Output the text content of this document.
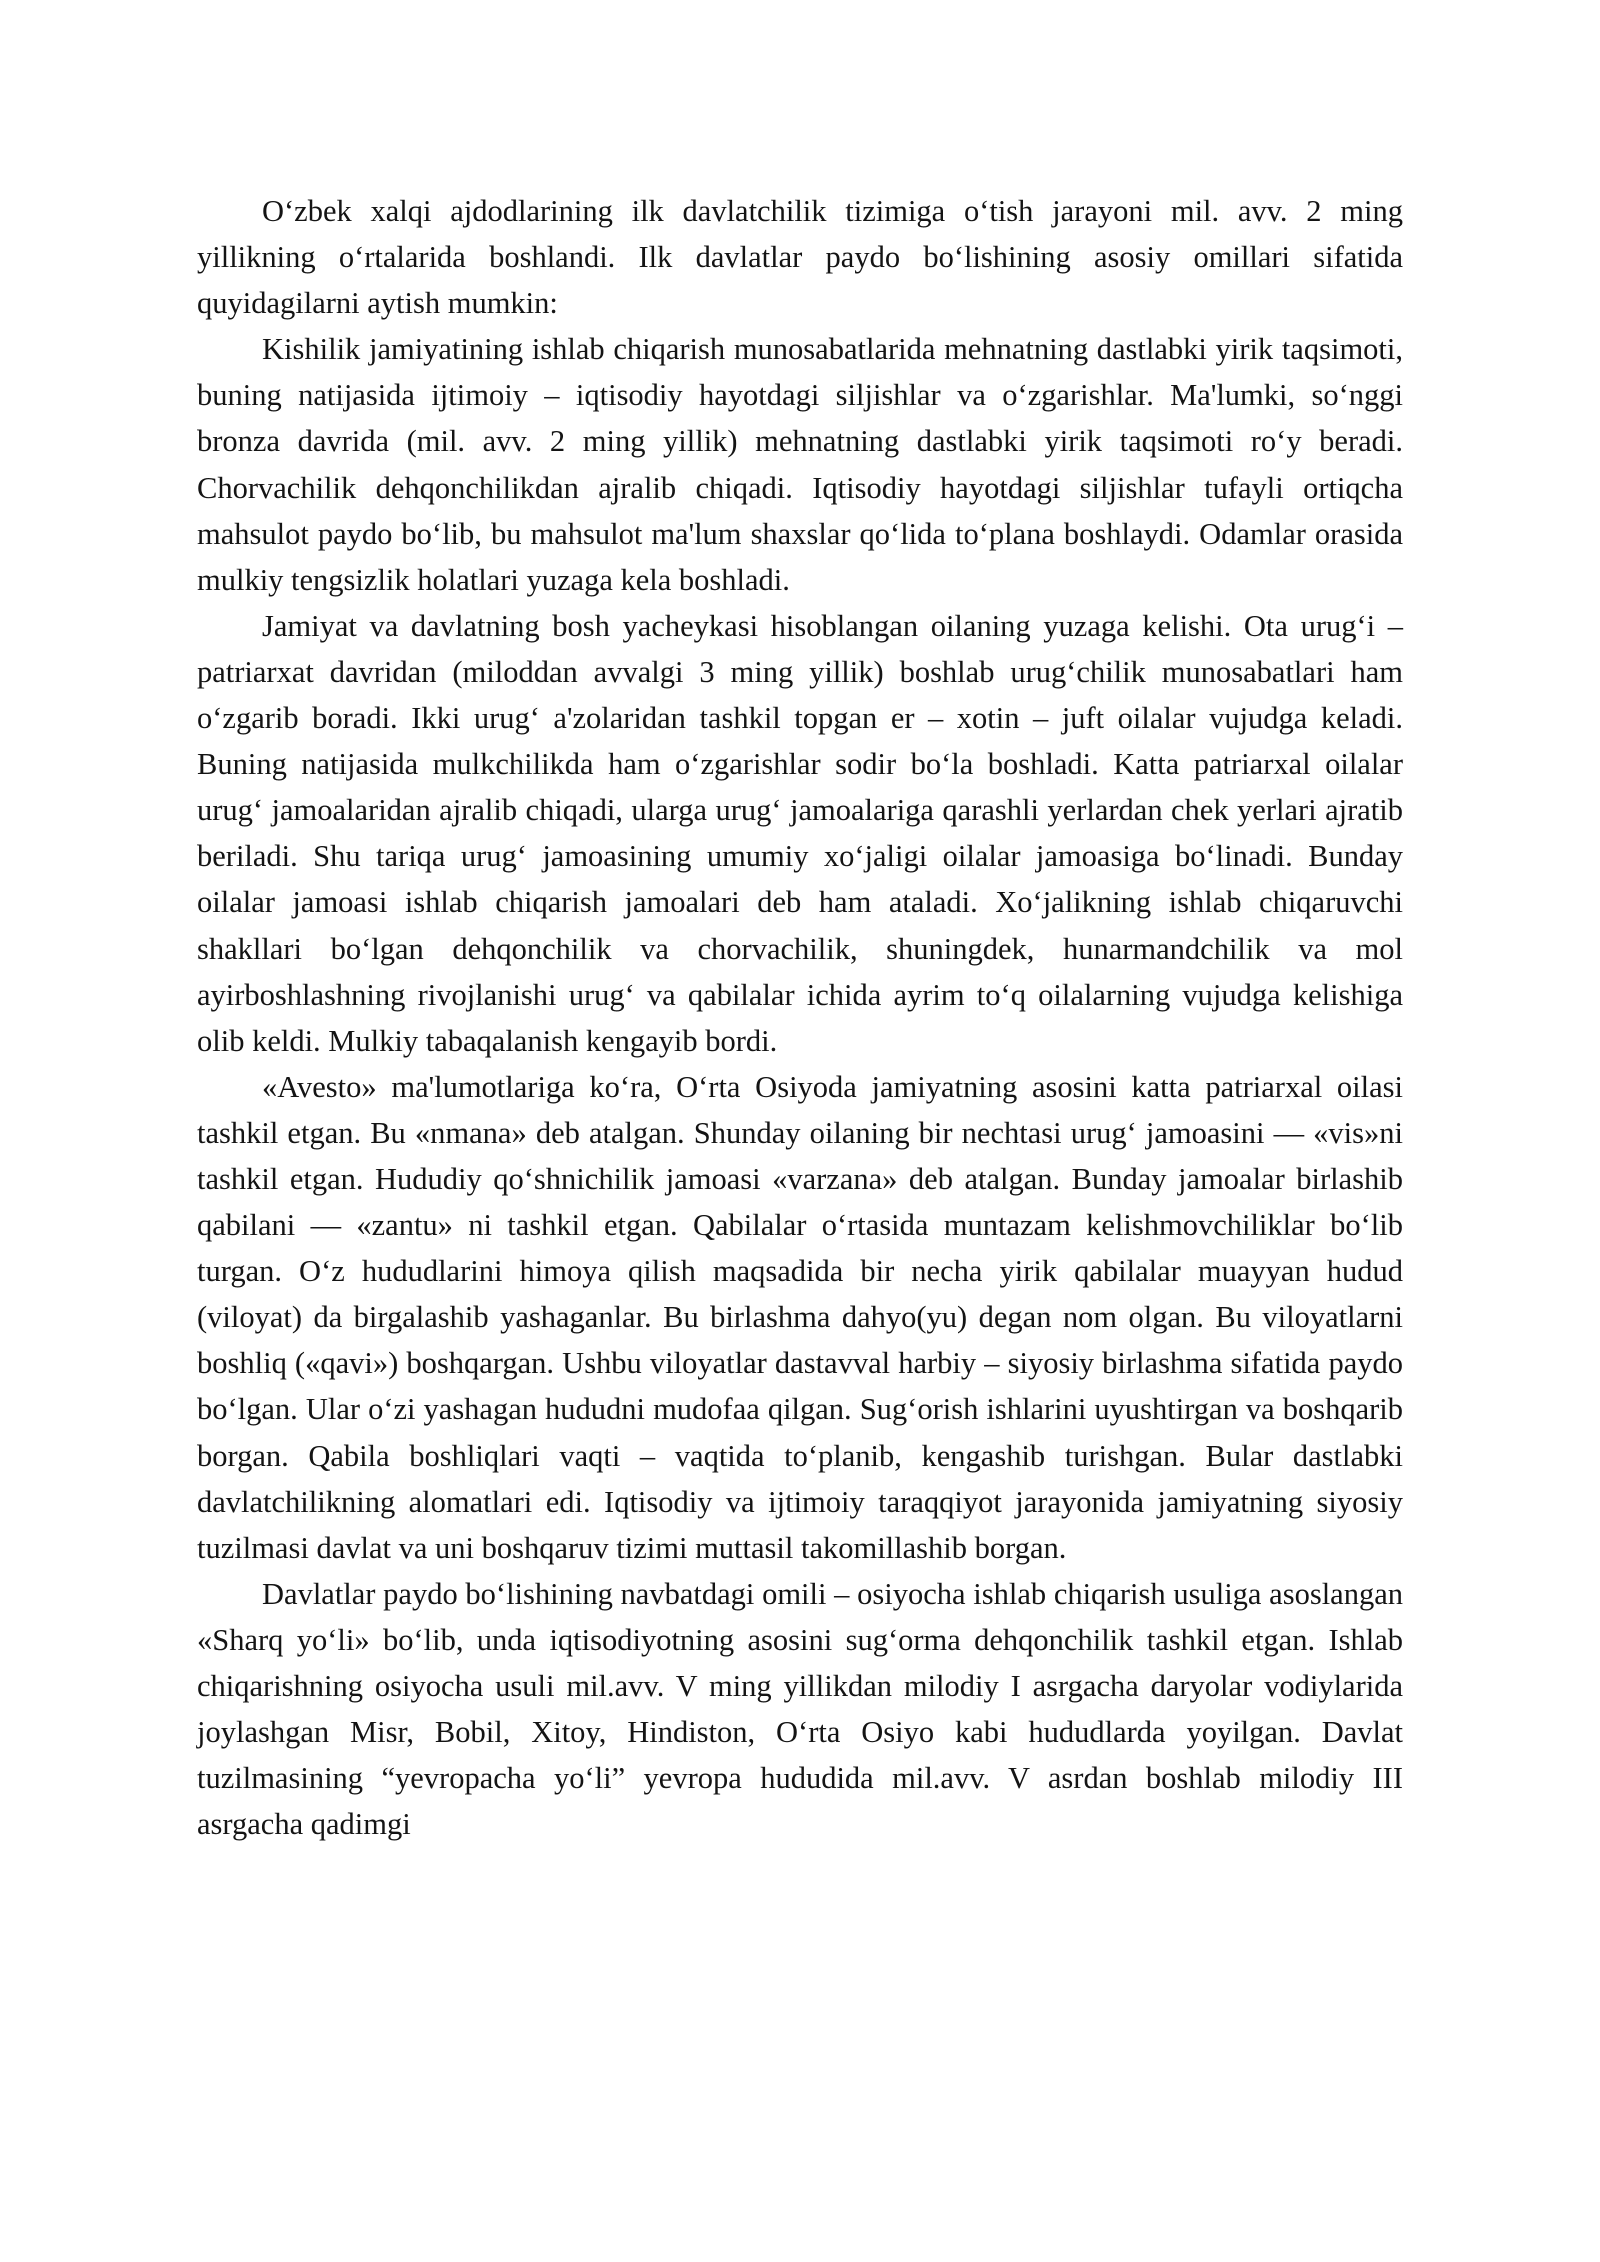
O‘zbek xalqi ajdodlarining ilk davlatchilik tizimiga o‘tish jarayoni mil. avv. 2 ming yillikning o‘rtalarida boshlandi. Ilk davlatlar paydo bo‘lishining asosiy omillari sifatida quyidagilarni aytish mumkin:

Kishilik jamiyatining ishlab chiqarish munosabatlarida mehnatning dastlabki yirik taqsimoti, buning natijasida ijtimoiy – iqtisodiy hayotdagi siljishlar va o‘zgarishlar. Ma'lumki, so‘nggi bronza davrida (mil. avv. 2 ming yillik) mehnatning dastlabki yirik taqsimoti ro‘y beradi. Chorvachilik dehqonchilikdan ajralib chiqadi. Iqtisodiy hayotdagi siljishlar tufayli ortiqcha mahsulot paydo bo‘lib, bu mahsulot ma'lum shaxslar qo‘lida to‘plana boshlaydi. Odamlar orasida mulkiy tengsizlik holatlari yuzaga kela boshladi.

Jamiyat va davlatning bosh yacheykasi hisoblangan oilaning yuzaga kelishi. Ota urug‘i – patriarxat davridan (miloddan avvalgi 3 ming yillik) boshlab urug‘chilik munosabatlari ham o‘zgarib boradi. Ikki urug‘ a'zolaridan tashkil topgan er – xotin – juft oilalar vujudga keladi. Buning natijasida mulkchilikda ham o‘zgarishlar sodir bo‘la boshladi. Katta patriarxal oilalar urug‘ jamoalaridan ajralib chiqadi, ularga urug‘ jamoalariga qarashli yerlardan chek yerlari ajratib beriladi. Shu tariqa urug‘ jamoasining umumiy xo‘jaligi oilalar jamoasiga bo‘linadi. Bunday oilalar jamoasi ishlab chiqarish jamoalari deb ham ataladi. Xo‘jalikning ishlab chiqaruvchi shakllari bo‘lgan dehqonchilik va chorvachilik, shuningdek, hunarmandchilik va mol ayirboshlashning rivojlanishi urug‘ va qabilalar ichida ayrim to‘q oilalarning vujudga kelishiga olib keldi. Mulkiy tabaqalanish kengayib bordi.

«Avesto» ma'lumotlariga ko‘ra, O‘rta Osiyoda jamiyatning asosini katta patriarxal oilasi tashkil etgan. Bu «nmana» deb atalgan. Shunday oilaning bir nechtasi urug‘ jamoasini — «vis»ni tashkil etgan. Hududiy qo‘shnichilik jamoasi «varzana» deb atalgan. Bunday jamoalar birlashib qabilani — «zantu» ni tashkil etgan. Qabilalar o‘rtasida muntazam kelishmovchiliklar bo‘lib turgan. O‘z hududlarini himoya qilish maqsadida bir necha yirik qabilalar muayyan hudud (viloyat) da birgalashib yashaganlar. Bu birlashma dahyo(yu) degan nom olgan. Bu viloyatlarni boshliq («qavi») boshqargan. Ushbu viloyatlar dastavval harbiy – siyosiy birlashma sifatida paydo bo‘lgan. Ular o‘zi yashagan hududni mudofaa qilgan. Sug‘orish ishlarini uyushtirgan va boshqarib borgan. Qabila boshliqlari vaqti – vaqtida to‘planib, kengashib turishgan. Bular dastlabki davlatchilikning alomatlari edi. Iqtisodiy va ijtimoiy taraqqiyot jarayonida jamiyatning siyosiy tuzilmasi davlat va uni boshqaruv tizimi muttasil takomillashib borgan.

Davlatlar paydo bo‘lishining navbatdagi omili – osiyocha ishlab chiqarish usuliga asoslangan «Sharq yo‘li» bo‘lib, unda iqtisodiyotning asosini sug‘orma dehqonchilik tashkil etgan. Ishlab chiqarishning osiyocha usuli mil.avv. V ming yillikdan milodiy I asrgacha daryolar vodiylarida joylashgan Misr, Bobil, Xitoy, Hindiston, O‘rta Osiyo kabi hududlarda yoyilgan. Davlat tuzilmasining “yevropacha yo‘li” yevropa hududida mil.avv. V asrdan boshlab milodiy III asrgacha qadimgi
